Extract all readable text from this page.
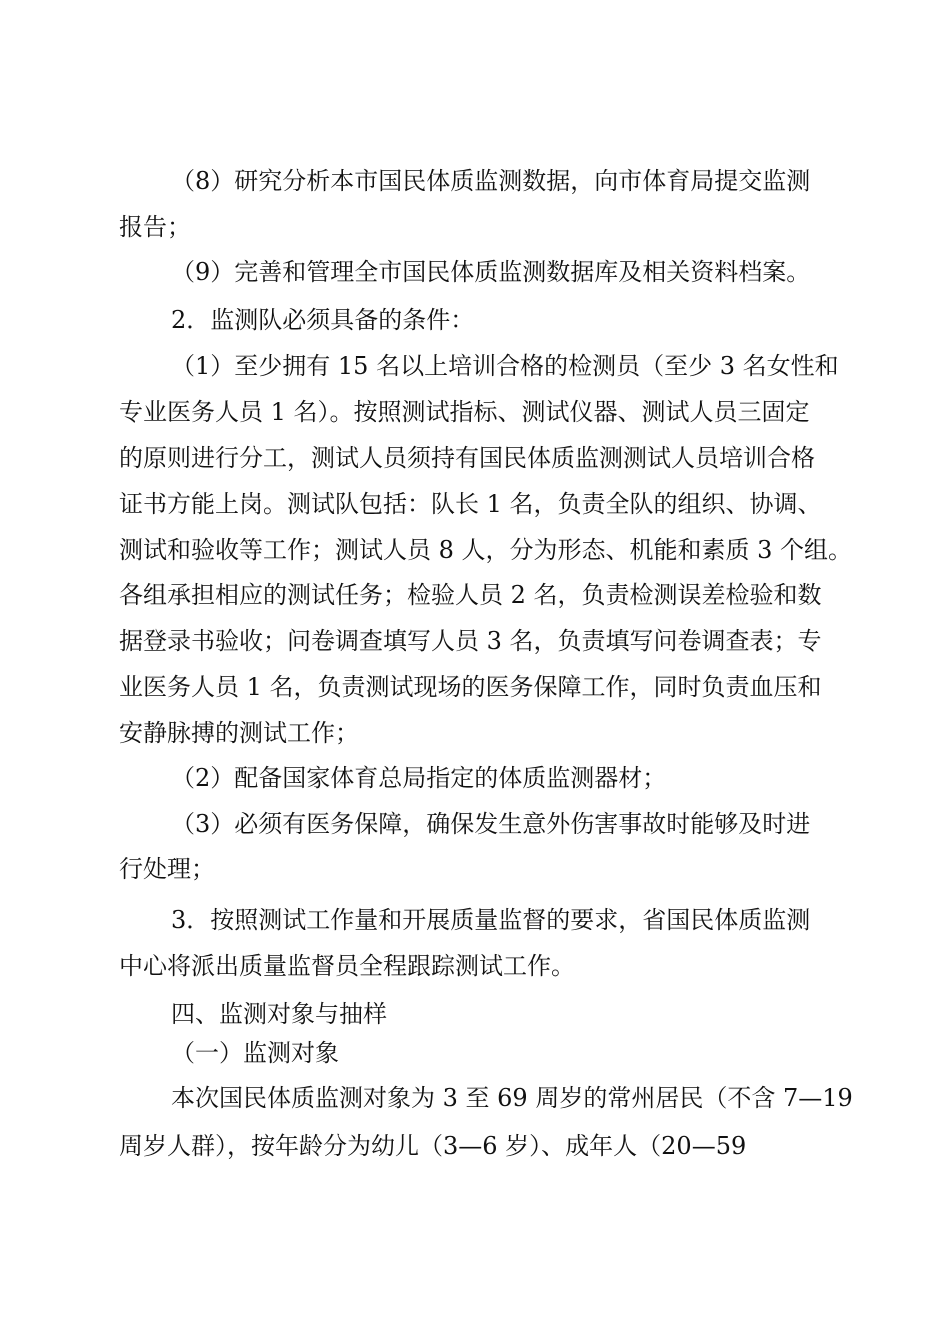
（8）研究分析本市国民体质监测数据，向市体育局提交监测
报告；
（9）完善和管理全市国民体质监测数据库及相关资料档案。
2．监测队必须具备的条件：
（1）至少拥有 15 名以上培训合格的检测员（至少 3 名女性和
专业医务人员 1 名）。按照测试指标、测试仪器、测试人员三固定
的原则进行分工，测试人员须持有国民体质监测测试人员培训合格
证书方能上岗。测试队包括：队长 1 名，负责全队的组织、协调、
测试和验收等工作；测试人员 8 人，分为形态、机能和素质 3 个组。
各组承担相应的测试任务；检验人员 2 名，负责检测误差检验和数
据登录书验收；问卷调查填写人员 3 名，负责填写问卷调查表；专
业医务人员 1 名，负责测试现场的医务保障工作，同时负责血压和
安静脉搏的测试工作；
（2）配备国家体育总局指定的体质监测器材；
（3）必须有医务保障，确保发生意外伤害事故时能够及时进
行处理；
3．按照测试工作量和开展质量监督的要求，省国民体质监测
中心将派出质量监督员全程跟踪测试工作。
四、监测对象与抽样
（一）监测对象
本次国民体质监测对象为 3 至 69 周岁的常州居民（不含 7—19
周岁人群），按年龄分为幼儿（3—6 岁）、成年人（20—59
